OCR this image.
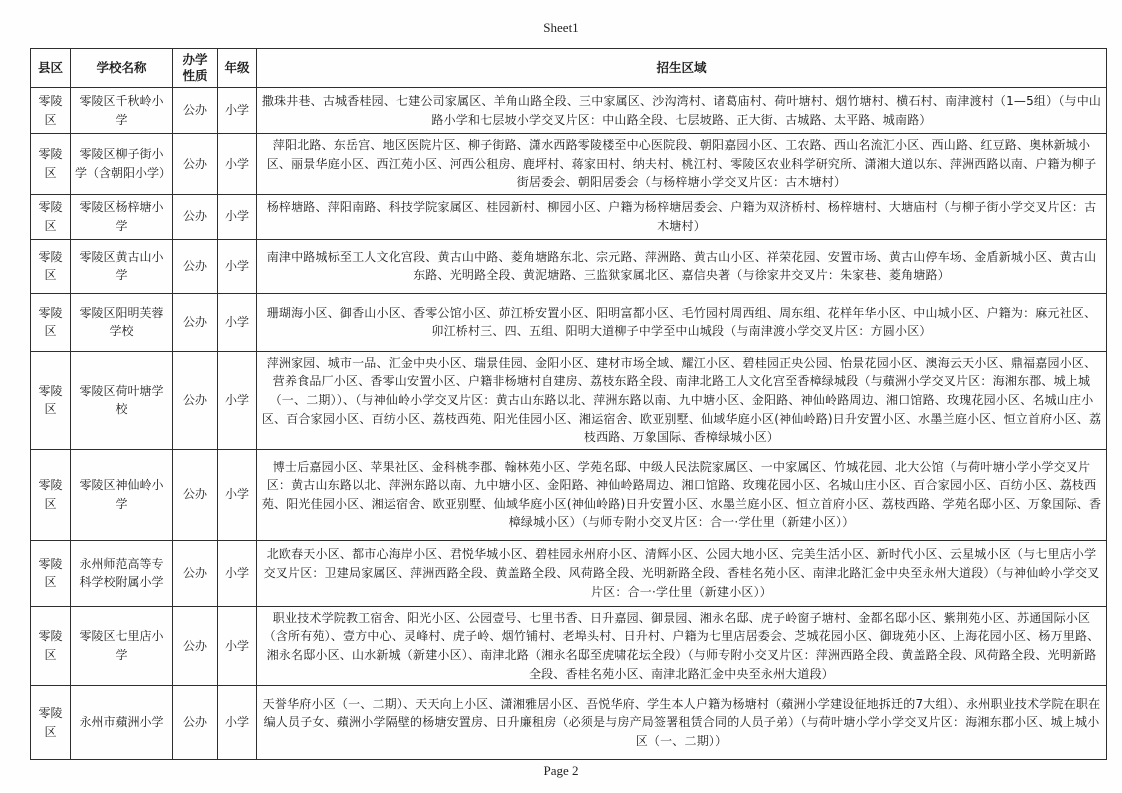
Sheet1
县区	学校名称	办学性质	年级	招生区域
零陵区	零陵区千秋岭小学	公办	小学	撒珠井巷、古城香桂园、七建公司家属区、羊角山路全段、三中家属区、沙沟湾村、诸葛庙村、荷叶塘村、烟竹塘村、横石村、南津渡村（1—5组）（与中山路小学和七层坡小学交叉片区：中山路全段、七层坡路、正大街、古城路、太平路、城南路）
零陵区	零陵区柳子街小学（含朝阳小学）	公办	小学	萍阳北路、东岳宫、地区医院片区、柳子街路、潇水西路零陵楼至中心医院段、朝阳嘉园小区、工农路、西山名流汇小区、西山路、红豆路、奥林新城小区、丽景华庭小区、西江苑小区、河西公租房、鹿坪村、蒋家田村、纳夫村、桃江村、零陵区农业科学研究所、潇湘大道以东、萍洲西路以南、户籍为柳子街居委会、朝阳居委会（与杨梓塘小学交叉片区：古木塘村）
零陵区	零陵区杨梓塘小学	公办	小学	杨梓塘路、萍阳南路、科技学院家属区、桂园新村、柳园小区、户籍为杨梓塘居委会、户籍为双济桥村、杨梓塘村、大塘庙村（与柳子街小学交叉片区：古木塘村）
零陵区	零陵区黄古山小学	公办	小学	南津中路城标至工人文化宫段、黄古山中路、菱角塘路东北、宗元路、萍洲路、黄古山小区、祥荣花园、安置市场、黄古山停车场、金盾新城小区、黄古山东路、光明路全段、黄泥塘路、三监狱家属北区、嘉信央著（与徐家井交叉片：朱家巷、菱角塘路）
零陵区	零陵区阳明芙蓉学校	公办	小学	珊瑚海小区、御香山小区、香零公馆小区、茆江桥安置小区、阳明富都小区、毛竹园村周西组、周东组、花样年华小区、中山城小区、户籍为：麻元社区、卯江桥村三、四、五组、阳明大道柳子中学至中山城段（与南津渡小学交叉片区：方圆小区）
零陵区	零陵区荷叶塘学校	公办	小学	萍洲家园、城市一品、汇金中央小区、瑞景佳园、金阳小区、建材市场全域、耀江小区、碧桂园正央公园、怡景花园小区、澳海云天小区、鼎福嘉园小区、营养食品厂小区、香零山安置小区、户籍非杨塘村自建房、荔枝东路全段、南津北路工人文化宫至香樟绿城段（与蘋洲小学交叉片区：海湘东郡、城上城（一、二期））、（与神仙岭小学交叉片区：黄古山东路以北、萍洲东路以南、九中塘小区、金阳路、神仙岭路周边、湘口馆路、玫瑰花园小区、名城山庄小区、百合家园小区、百纺小区、荔枝西苑、阳光佳园小区、湘运宿舍、欧亚别墅、仙域华庭小区(神仙岭路)日升安置小区、水墨兰庭小区、恒立首府小区、荔枝西路、万象国际、香樟绿城小区）
零陵区	零陵区神仙岭小学	公办	小学	博士后嘉园小区、苹果社区、金科桃李郡、翰林苑小区、学苑名邸、中级人民法院家属区、一中家属区、竹城花园、北大公馆（与荷叶塘小学小学交叉片区：黄古山东路以北、萍洲东路以南、九中塘小区、金阳路、神仙岭路周边、湘口馆路、玫瑰花园小区、名城山庄小区、百合家园小区、百纺小区、荔枝西苑、阳光佳园小区、湘运宿舍、欧亚别墅、仙域华庭小区(神仙岭路)日升安置小区、水墨兰庭小区、恒立首府小区、荔枝西路、学苑名邸小区、万象国际、香樟绿城小区）（与师专附小交叉片区：合一·学仕里（新建小区））
零陵区	永州师范高等专科学校附属小学	公办	小学	北欧春天小区、都市心海岸小区、君悦华城小区、碧桂园永州府小区、清辉小区、公园大地小区、完美生活小区、新时代小区、云星城小区（与七里店小学交叉片区：卫建局家属区、萍洲西路全段、黄盖路全段、风荷路全段、光明新路全段、香桂名苑小区、南津北路汇金中央至永州大道段）（与神仙岭小学交叉片区：合一·学仕里（新建小区））
零陵区	零陵区七里店小学	公办	小学	职业技术学院教工宿舍、阳光小区、公园壹号、七里书香、日升嘉园、御景园、湘永名邸、虎子岭窗子塘村、金都名邸小区、紫荆苑小区、苏通国际小区（含所有苑）、壹方中心、灵峰村、虎子岭、烟竹铺村、老埠头村、日升村、户籍为七里店居委会、芝城花园小区、御珑苑小区、上海花园小区、杨万里路、湘永名邸小区、山水新城（新建小区）、南津北路（湘永名邸至虎啸花坛全段）（与师专附小交叉片区：萍洲西路全段、黄盖路全段、风荷路全段、光明新路全段、香桂名苑小区、南津北路汇金中央至永州大道段）
零陵区	永州市蘋洲小学	公办	小学	天誉华府小区（一、二期）、天天向上小区、潇湘雅居小区、吾悦华府、学生本人户籍为杨塘村（蘋洲小学建设征地拆迁的7大组）、永州职业技术学院在职在编人员子女、蘋洲小学隔壁的杨塘安置房、日升廉租房（必须是与房产局签署租赁合同的人员子弟）（与荷叶塘小学小学交叉片区：海湘东郡小区、城上城小区（一、二期））
Page 2
